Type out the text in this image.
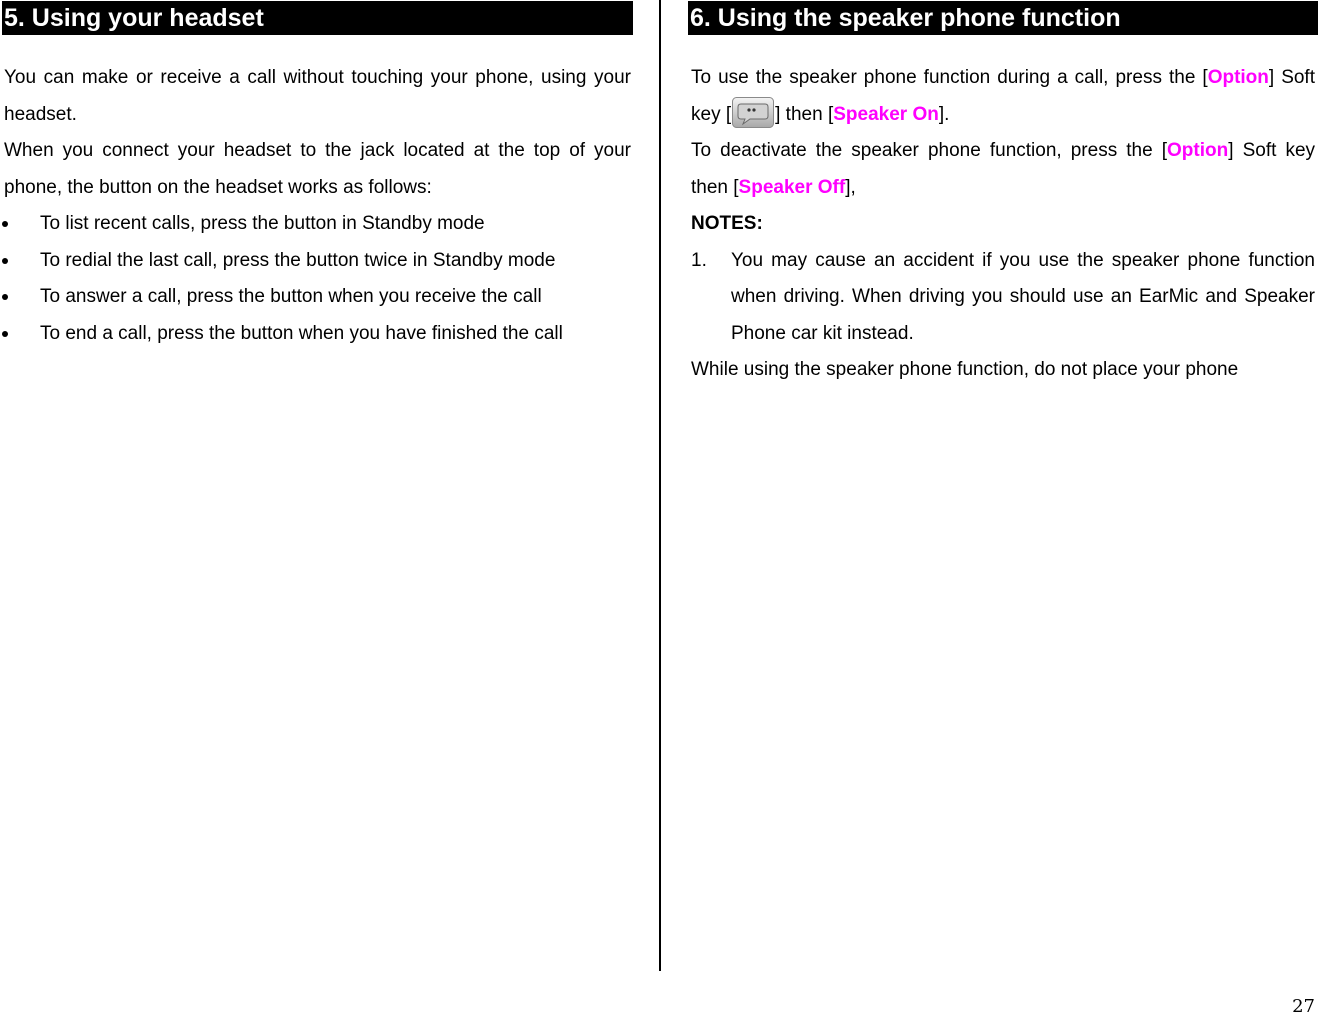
5. Using your headset
You can make or receive a call without touching your phone, using your headset.
When you connect your headset to the jack located at the top of your phone, the button on the headset works as follows:
To list recent calls, press the button in Standby mode
To redial the last call, press the button twice in Standby mode
To answer a call, press the button when you receive the call
To end a call, press the button when you have finished the call
6. Using the speaker phone function
To use the speaker phone function during a call, press the [Option] Soft key [ ] then [Speaker On].
To deactivate the speaker phone function, press the [Option] Soft key then [Speaker Off],
NOTES:
1. You may cause an accident if you use the speaker phone function when driving. When driving you should use an EarMic and Speaker Phone car kit instead.
While using the speaker phone function, do not place your phone
27
